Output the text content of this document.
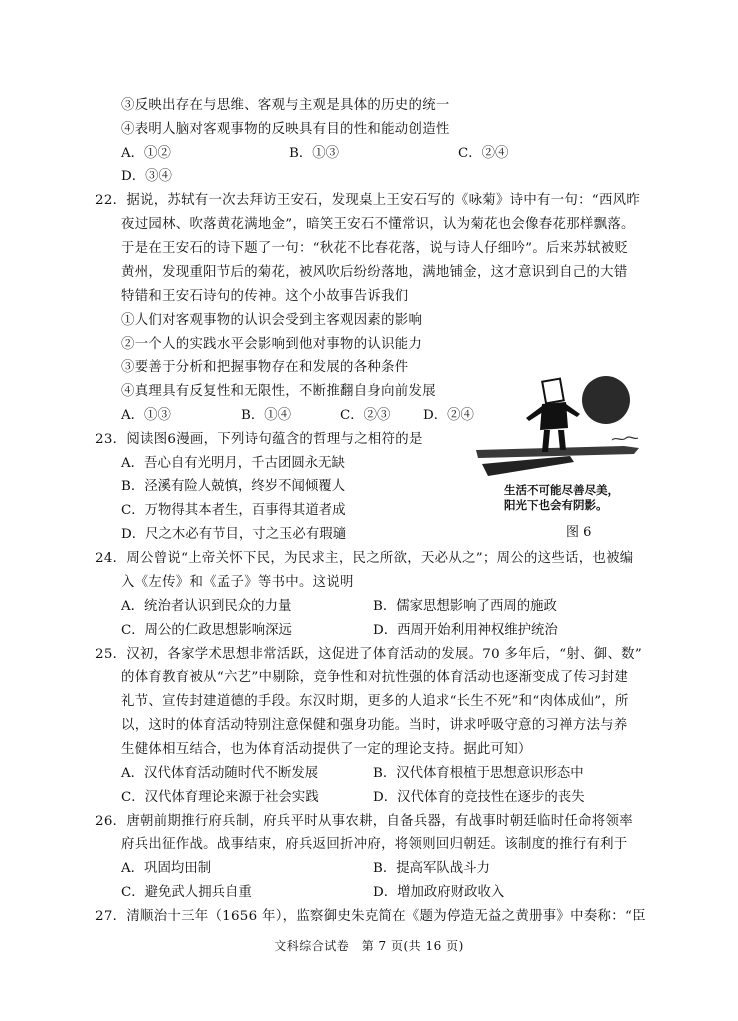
③反映出存在与思维、客观与主观是具体的历史的统一
④表明人脑对客观事物的反映具有目的性和能动创造性
A．①②	B．①③	C．②④
D．③④
22．据说，苏轼有一次去拜访王安石，发现桌上王安石写的《咏菊》诗中有一句：“西风昨
夜过园林、吹落黄花满地金”，暗笑王安石不懂常识，认为菊花也会像春花那样飘落。
于是在王安石的诗下题了一句：“秋花不比春花落，说与诗人仔细吟”。后来苏轼被贬
黄州，发现重阳节后的菊花，被风吹后纷纷落地，满地铺金，这才意识到自己的大错
特错和王安石诗句的传神。这个小故事告诉我们
①人们对客观事物的认识会受到主客观因素的影响
②一个人的实践水平会影响到他对事物的认识能力
③要善于分析和把握事物存在和发展的各种条件
④真理具有反复性和无限性，不断推翻自身向前发展
A．①③	B．①④	C．②③ D．②④
23．阅读图6漫画，下列诗句蕴含的哲理与之相符的是
A．吾心自有光明月，千古团圆永无缺
B．泾溪有险人兢慎，终岁不闻倾覆人
C．万物得其本者生，百事得其道者成
D．尺之木必有节目，寸之玉必有瑕瓋
生活不可能尽善尽美，
阳光下也会有阴影。
图 6
24．周公曾说“上帝关怀下民，为民求主，民之所欲，天必从之”；周公的这些话，也被编
入《左传》和《孟子》等书中。这说明
A．统治者认识到民众的力量	B．儒家思想影响了西周的施政
C．周公的仁政思想影响深远	D．西周开始利用神权维护统治
25．汉初，各家学术思想非常活跃，这促进了体育活动的发展。70 多年后，“射、御、数”
的体育教育被从“六艺”中剔除，竞争性和对抗性强的体育活动也逐渐变成了传习封建
礼节、宣传封建道德的手段。东汉时期，更多的人追求“长生不死”和“肉体成仙”，所
以，这时的体育活动特别注意保健和强身功能。当时，讲求呼吸守意的习禅方法与养
生健体相互结合，也为体育活动提供了一定的理论支持。据此可知）
A．汉代体育活动随时代不断发展	B．汉代体育根植于思想意识形态中
C．汉代体育理论来源于社会实践	D．汉代体育的竞技性在逐步的丧失
26．唐朝前期推行府兵制，府兵平时从事农耕，自备兵器，有战事时朝廷临时任命将领率
府兵出征作战。战事结束，府兵返回折冲府，将领则回归朝廷。该制度的推行有利于
A．巩固均田制	B．提高军队战斗力
C．避免武人拥兵自重	D．增加政府财政收入
27．清顺治十三年（1656 年），监察御史朱克简在《题为停造无益之黄册事》中奏称：“臣
文科综合试卷　第 7 页(共 16 页)
